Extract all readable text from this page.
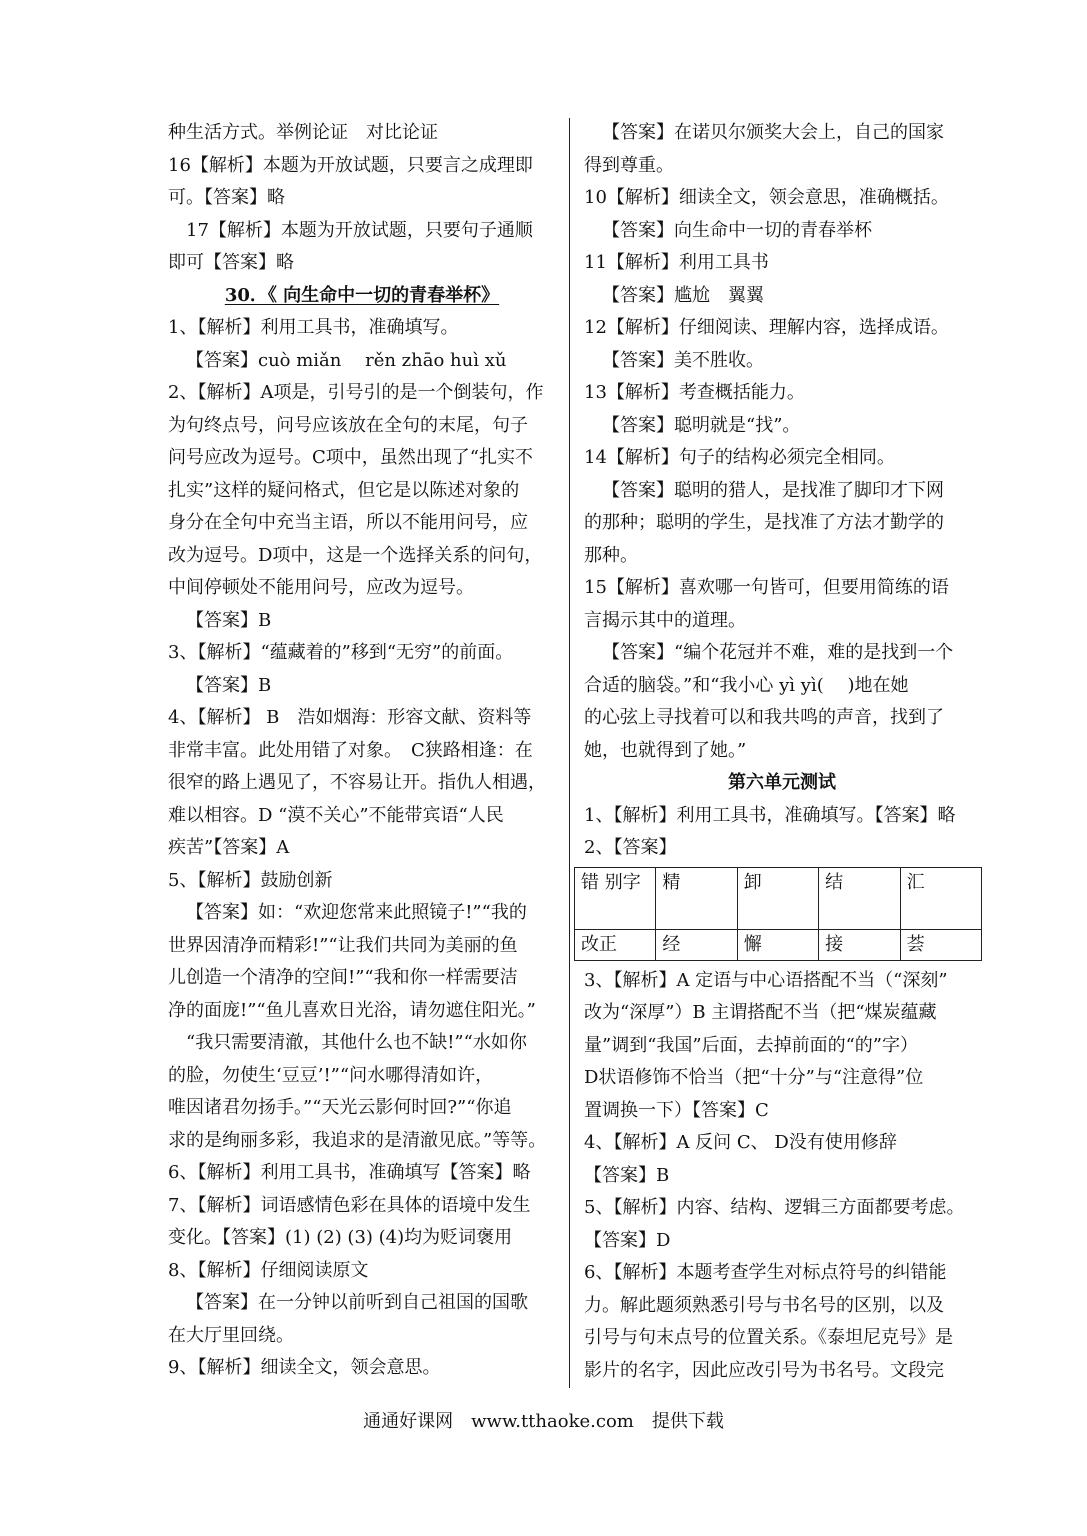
种生活方式。举例论证　对比论证
16【解析】本题为开放试题，只要言之成理即
可。【答案】略
17【解析】本题为开放试题，只要句子通顺
即可【答案】略
30．《 向生命中一切的青春举杯》
1、【解析】利用工具书，准确填写。
【答案】cuò miǎn　 rěn zhāo huì xǔ
2、【解析】A项是，引号引的是一个倒装句，作
为句终点号，问号应该放在全句的末尾，句子
问号应改为逗号。C项中，虽然出现了“扎实不
扎实”这样的疑问格式，但它是以陈述对象的
身分在全句中充当主语，所以不能用问号，应
改为逗号。D项中，这是一个选择关系的问句，
中间停顿处不能用问号，应改为逗号。
【答案】B
3、【解析】“蕴藏着的”移到“无穷”的前面。
【答案】B
4、【解析】 B　浩如烟海：形容文献、资料等
非常丰富。此处用错了对象。　C狭路相逢：在
很窄的路上遇见了，不容易让开。指仇人相遇，
难以相容。D “漠不关心”不能带宾语“人民
疾苦”【答案】A
5、【解析】鼓励创新
【答案】如：“欢迎您常来此照镜子!”“我的
世界因清净而精彩!”“让我们共同为美丽的鱼
儿创造一个清净的空间!”“我和你一样需要洁
净的面庞!”“鱼儿喜欢日光浴，请勿遮住阳光。”
“我只需要清澈，其他什么也不缺!”“水如你
的脸，勿使生‘豆豆’!”“问水哪得清如许，
唯因诸君勿扬手。”“天光云影何时回?”“你追
求的是绚丽多彩，我追求的是清澈见底。”等等。
6、【解析】利用工具书，准确填写【答案】略
7、【解析】词语感情色彩在具体的语境中发生
变化。【答案】(1) (2) (3) (4)均为贬词褒用
8、【解析】仔细阅读原文
【答案】在一分钟以前听到自己祖国的国歌
在大厅里回绕。
9、【解析】细读全文，领会意思。
【答案】在诺贝尔颁奖大会上，自己的国家
得到尊重。
10【解析】细读全文，领会意思，准确概括。
【答案】向生命中一切的青春举杯
11【解析】利用工具书
【答案】尴尬　翼翼
12【解析】仔细阅读、理解内容，选择成语。
【答案】美不胜收。
13【解析】考查概括能力。
【答案】聪明就是“找”。
14【解析】句子的结构必须完全相同。
【答案】聪明的猎人，是找准了脚印才下网
的那种；聪明的学生，是找准了方法才勤学的
那种。
15【解析】喜欢哪一句皆可，但要用简练的语
言揭示其中的道理。
【答案】“编个花冠并不难，难的是找到一个
合适的脑袋。”和“我小心 yì yì(　 )地在她
的心弦上寻找着可以和我共鸣的声音，找到了
她，也就得到了她。”
第六单元测试
1、【解析】利用工具书，准确填写。【答案】略
2、【答案】
错 别字	精	卸	结	汇
改正	经	懈	接	荟
3、【解析】A 定语与中心语搭配不当（“深刻”
改为“深厚”）B 主谓搭配不当（把“煤炭蕴藏
量”调到“我国”后面，去掉前面的“的”字）
D状语修饰不恰当（把“十分”与“注意得”位
置调换一下）【答案】C
4、【解析】A 反问 C、 D没有使用修辞
【答案】B
5、【解析】内容、结构、逻辑三方面都要考虑。
【答案】D
6、【解析】本题考查学生对标点符号的纠错能
力。解此题须熟悉引号与书名号的区别，以及
引号与句末点号的位置关系。《泰坦尼克号》是
影片的名字，因此应改引号为书名号。文段完
通通好课网　www.tthaoke.com　提供下载
